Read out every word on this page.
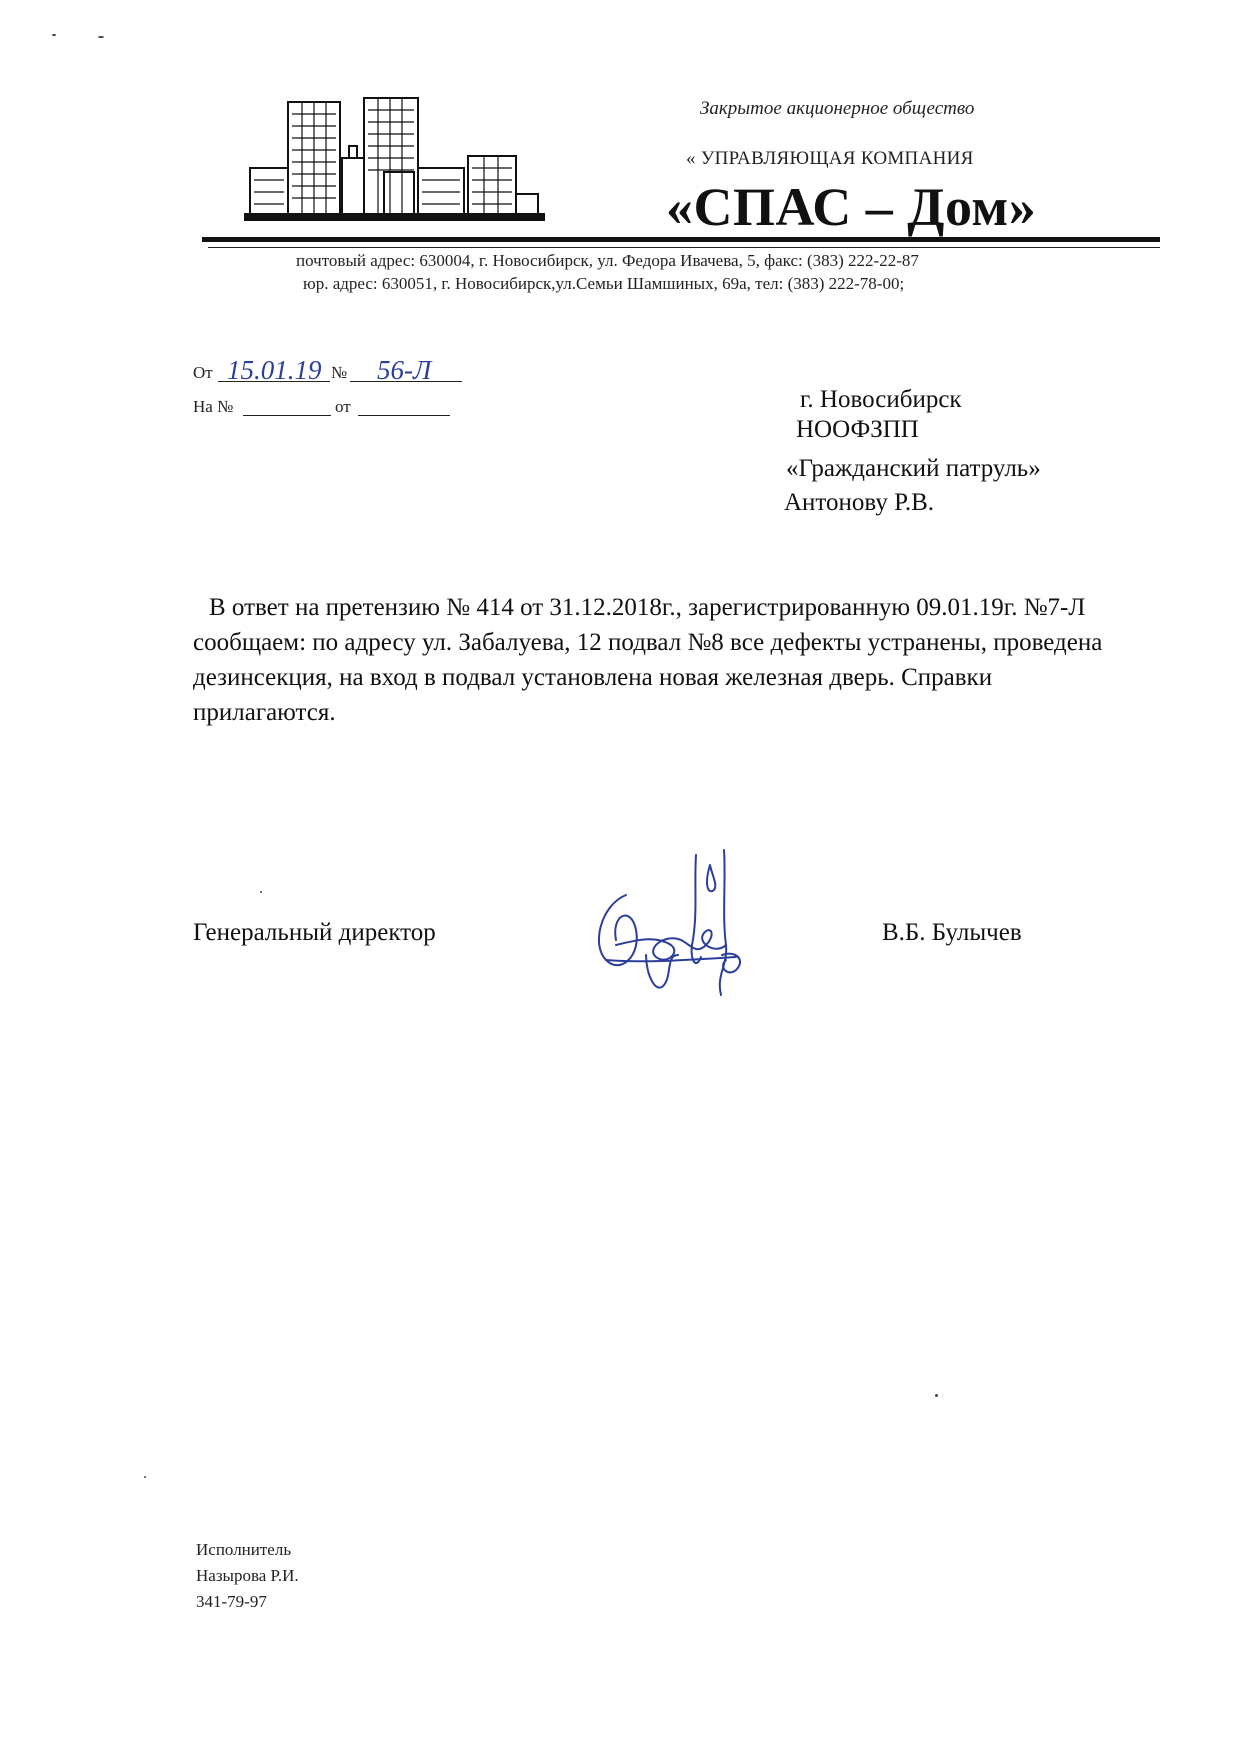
Закрытое акционерное общество

« УПРАВЛЯЮЩАЯ КОМПАНИЯ

«СПАС – Дом»

почтовый адрес: 630004, г. Новосибирск, ул. Федора Ивачева, 5, факс: (383) 222-22-87

юр. адрес: 630051, г. Новосибирск,ул.Семьи Шамшиных, 69а, тел: (383) 222-78-00;

От 15.01.19 № 56-Л
На №	от	г. Новосибирск

НООФЗПП

«Гражданский патруль»

Антонову Р.В.

В ответ на претензию № 414 от 31.12.2018г., зарегистрированную 09.01.19г. №7-Л сообщаем: по адресу ул. Забалуева, 12 подвал №8 все дефекты устранены, проведена дезинсекция, на вход в подвал установлена новая железная дверь. Справки прилагаются.

Генеральный директор	В.Б. Булычев

Исполнитель

Назырова Р.И.

341-79-97
